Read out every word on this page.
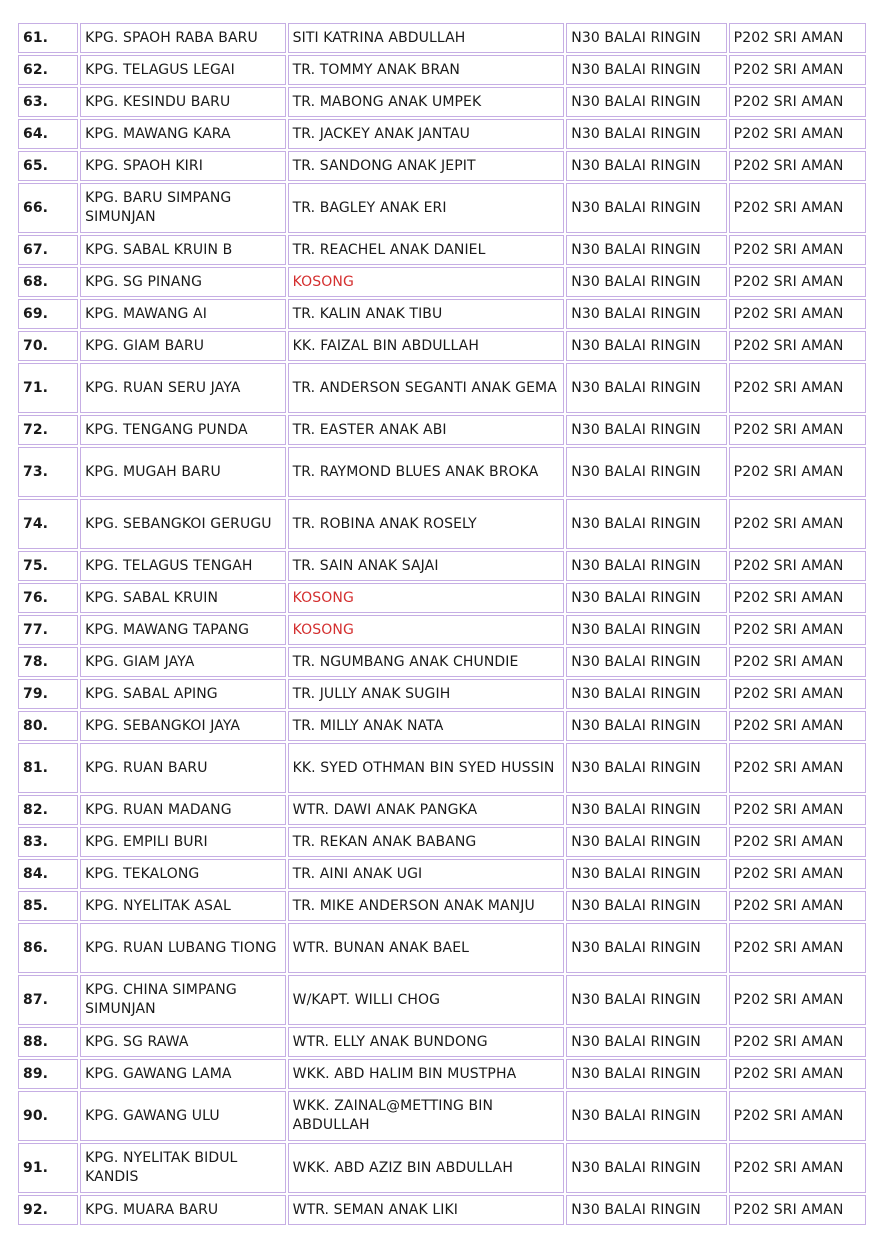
61.	KPG. SPAOH RABA BARU	SITI KATRINA ABDULLAH	N30 BALAI RINGIN	P202 SRI AMAN
62.	KPG. TELAGUS LEGAI	TR. TOMMY ANAK BRAN	N30 BALAI RINGIN	P202 SRI AMAN
63.	KPG. KESINDU BARU	TR. MABONG ANAK UMPEK	N30 BALAI RINGIN	P202 SRI AMAN
64.	KPG. MAWANG KARA	TR. JACKEY ANAK JANTAU	N30 BALAI RINGIN	P202 SRI AMAN
65.	KPG. SPAOH KIRI	TR. SANDONG ANAK JEPIT	N30 BALAI RINGIN	P202 SRI AMAN
66.	KPG. BARU SIMPANG SIMUNJAN	TR. BAGLEY ANAK ERI	N30 BALAI RINGIN	P202 SRI AMAN
67.	KPG. SABAL KRUIN B	TR. REACHEL ANAK DANIEL	N30 BALAI RINGIN	P202 SRI AMAN
68.	KPG. SG PINANG	KOSONG	N30 BALAI RINGIN	P202 SRI AMAN
69.	KPG. MAWANG AI	TR. KALIN ANAK TIBU	N30 BALAI RINGIN	P202 SRI AMAN
70.	KPG. GIAM BARU	KK. FAIZAL BIN ABDULLAH	N30 BALAI RINGIN	P202 SRI AMAN
71.	KPG. RUAN SERU JAYA	TR. ANDERSON SEGANTI ANAK GEMA	N30 BALAI RINGIN	P202 SRI AMAN
72.	KPG. TENGANG PUNDA	TR. EASTER ANAK ABI	N30 BALAI RINGIN	P202 SRI AMAN
73.	KPG. MUGAH BARU	TR. RAYMOND BLUES ANAK BROKA	N30 BALAI RINGIN	P202 SRI AMAN
74.	KPG. SEBANGKOI GERUGU	TR. ROBINA ANAK ROSELY	N30 BALAI RINGIN	P202 SRI AMAN
75.	KPG. TELAGUS TENGAH	TR. SAIN ANAK SAJAI	N30 BALAI RINGIN	P202 SRI AMAN
76.	KPG. SABAL KRUIN	KOSONG	N30 BALAI RINGIN	P202 SRI AMAN
77.	KPG. MAWANG TAPANG	KOSONG	N30 BALAI RINGIN	P202 SRI AMAN
78.	KPG. GIAM JAYA	TR. NGUMBANG ANAK CHUNDIE	N30 BALAI RINGIN	P202 SRI AMAN
79.	KPG. SABAL APING	TR. JULLY ANAK SUGIH	N30 BALAI RINGIN	P202 SRI AMAN
80.	KPG. SEBANGKOI JAYA	TR. MILLY ANAK NATA	N30 BALAI RINGIN	P202 SRI AMAN
81.	KPG. RUAN BARU	KK. SYED OTHMAN BIN SYED HUSSIN	N30 BALAI RINGIN	P202 SRI AMAN
82.	KPG. RUAN MADANG	WTR. DAWI ANAK PANGKA	N30 BALAI RINGIN	P202 SRI AMAN
83.	KPG. EMPILI BURI	TR. REKAN ANAK BABANG	N30 BALAI RINGIN	P202 SRI AMAN
84.	KPG. TEKALONG	TR. AINI ANAK UGI	N30 BALAI RINGIN	P202 SRI AMAN
85.	KPG. NYELITAK ASAL	TR. MIKE ANDERSON ANAK MANJU	N30 BALAI RINGIN	P202 SRI AMAN
86.	KPG. RUAN LUBANG TIONG	WTR. BUNAN ANAK BAEL	N30 BALAI RINGIN	P202 SRI AMAN
87.	KPG. CHINA SIMPANG SIMUNJAN	W/KAPT. WILLI CHOG	N30 BALAI RINGIN	P202 SRI AMAN
88.	KPG. SG RAWA	WTR. ELLY ANAK BUNDONG	N30 BALAI RINGIN	P202 SRI AMAN
89.	KPG. GAWANG LAMA	WKK. ABD HALIM BIN MUSTPHA	N30 BALAI RINGIN	P202 SRI AMAN
90.	KPG. GAWANG ULU	WKK. ZAINAL@METTING BIN ABDULLAH	N30 BALAI RINGIN	P202 SRI AMAN
91.	KPG. NYELITAK BIDUL KANDIS	WKK. ABD AZIZ BIN ABDULLAH	N30 BALAI RINGIN	P202 SRI AMAN
92.	KPG. MUARA BARU	WTR. SEMAN ANAK LIKI	N30 BALAI RINGIN	P202 SRI AMAN
